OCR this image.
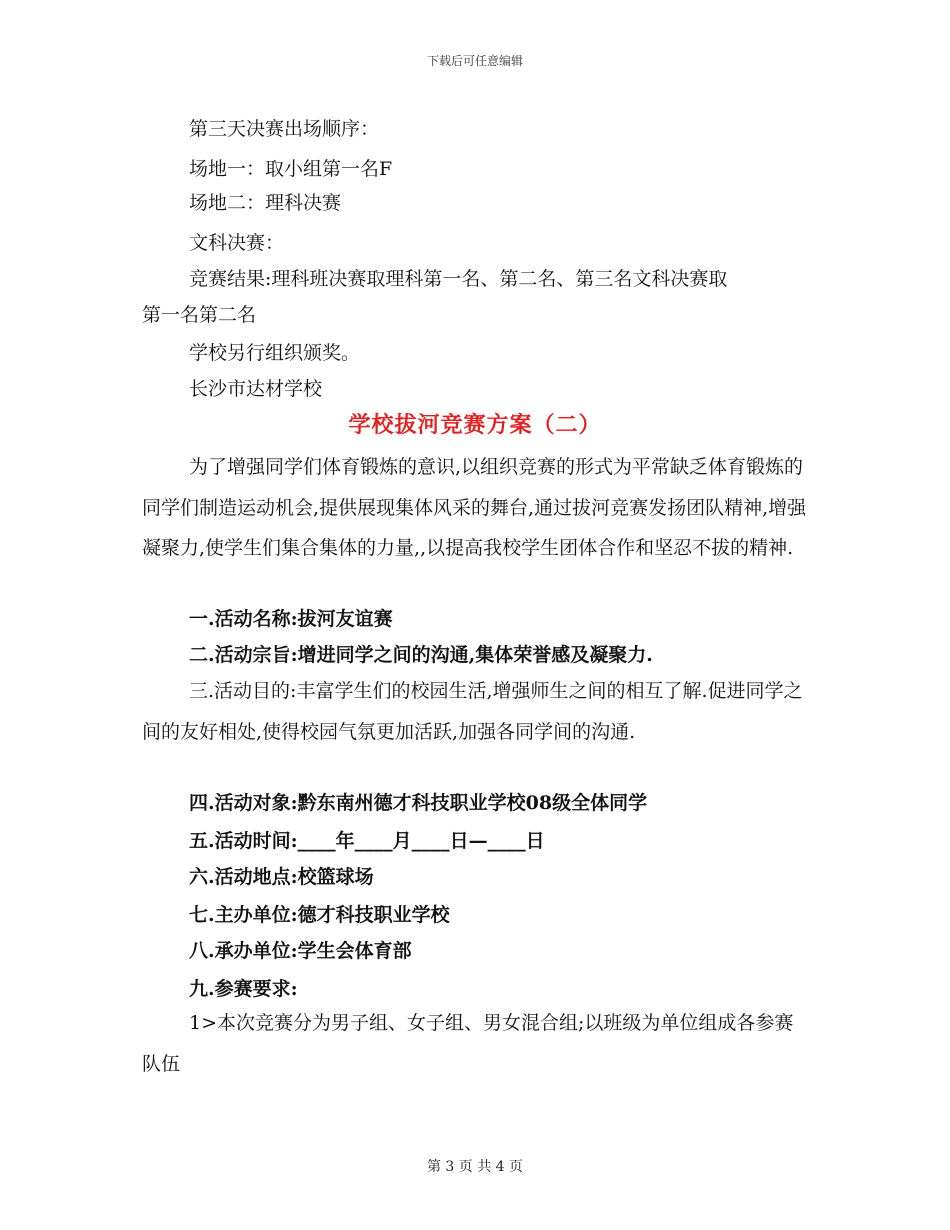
下载后可任意编辑
第三天决赛出场顺序：
场地一：取小组第一名F
场地二：理科决赛
文科决赛：
竞赛结果:理科班决赛取理科第一名、第二名、第三名文科决赛取
第一名第二名
学校另行组织颁奖。
长沙市达材学校
学校拔河竞赛方案（二）
为了增强同学们体育锻炼的意识,以组织竞赛的形式为平常缺乏体育锻炼的同学们制造运动机会,提供展现集体风采的舞台,通过拔河竞赛发扬团队精神,增强凝聚力,使学生们集合集体的力量,,以提高我校学生团体合作和坚忍不拔的精神.
一.活动名称:拔河友谊赛
二.活动宗旨:增进同学之间的沟通,集体荣誉感及凝聚力.
三.活动目的:丰富学生们的校园生活,增强师生之间的相互了解.促进同学之间的友好相处,使得校园气氛更加活跃,加强各同学间的沟通.
四.活动对象:黔东南州德才科技职业学校08级全体同学
五.活动时间:____年____月____日—____日
六.活动地点:校篮球场
七.主办单位:德才科技职业学校
八.承办单位:学生会体育部
九.参赛要求:
1>本次竞赛分为男子组、女子组、男女混合组;以班级为单位组成各参赛队伍
第 3 页 共 4 页
